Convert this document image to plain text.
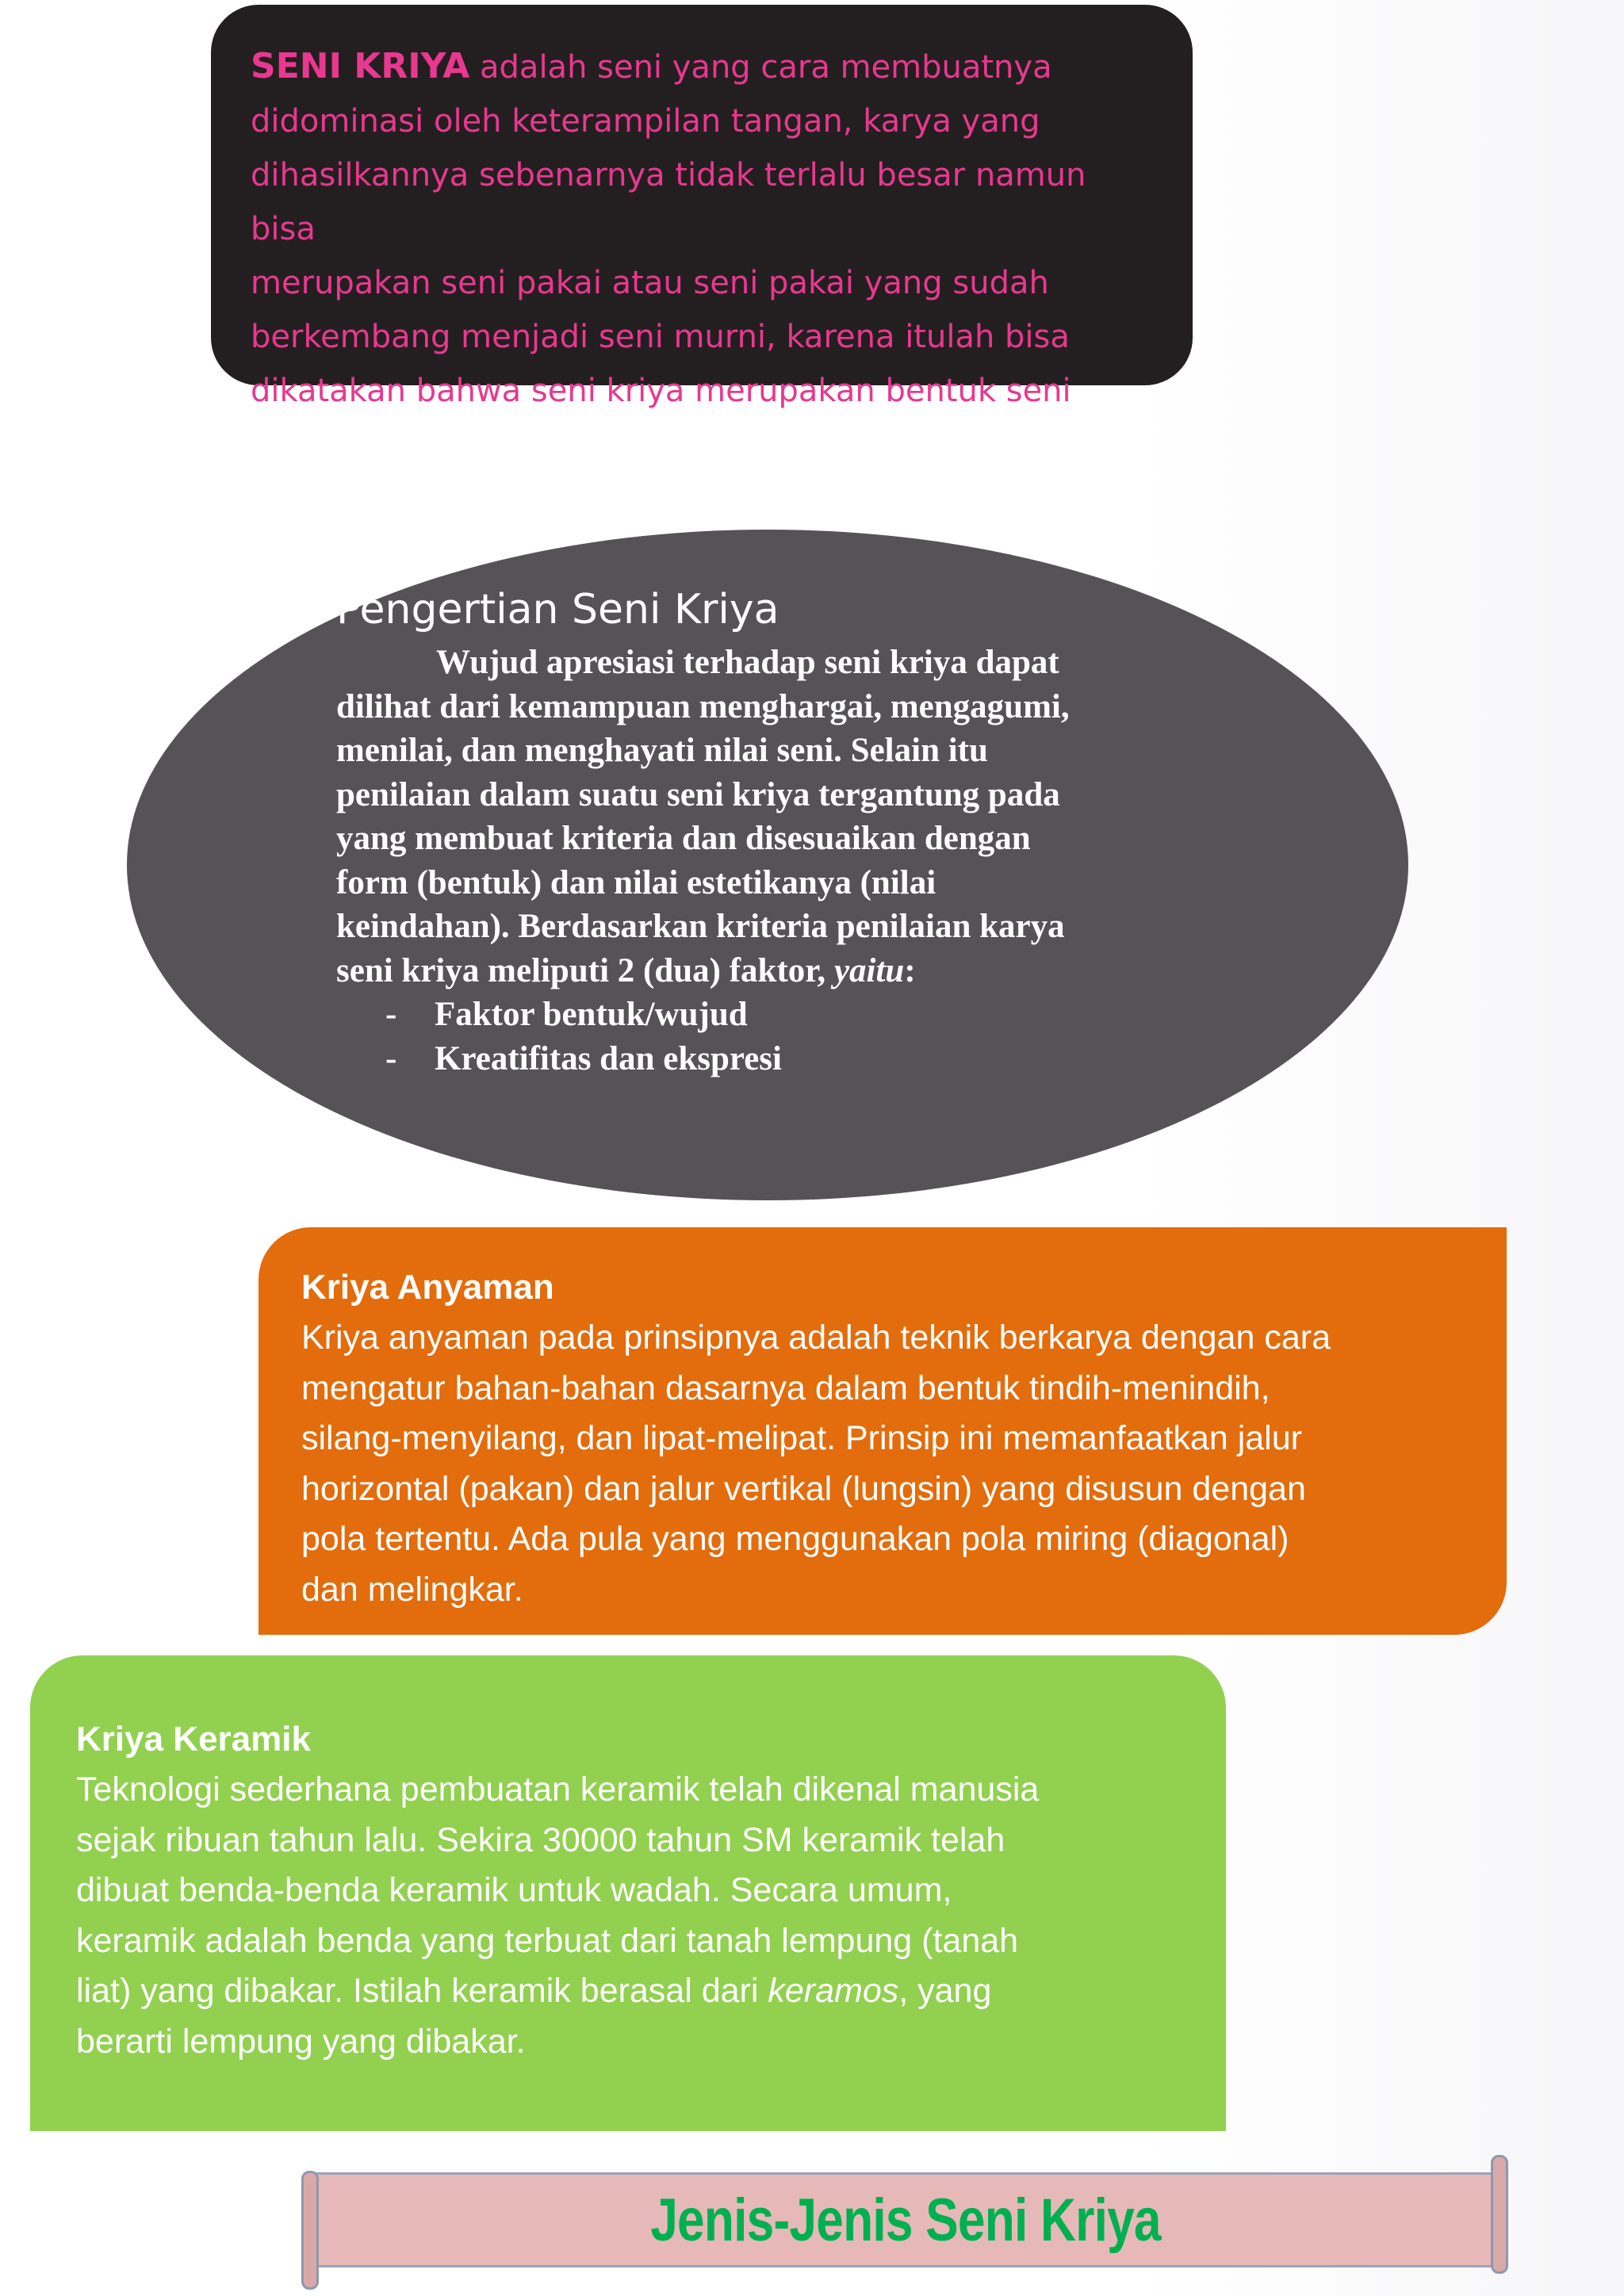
SENI KRIYA adalah seni yang cara membuatnya

didominasi oleh keterampilan tangan, karya yang

dihasilkannya sebenarnya tidak terlalu besar namun bisa

merupakan seni pakai atau seni pakai yang sudah

berkembang menjadi seni murni, karena itulah bisa

dikatakan bahwa seni kriya merupakan bentuk seni

Pengertian Seni Kriya

Wujud apresiasi terhadap seni kriya dapat

dilihat dari kemampuan menghargai, mengagumi,

menilai, dan menghayati nilai seni. Selain itu

penilaian dalam suatu seni kriya tergantung pada

yang membuat kriteria dan disesuaikan dengan

form (bentuk) dan nilai estetikanya (nilai

keindahan). Berdasarkan kriteria penilaian karya

seni kriya meliputi 2 (dua) faktor, yaitu:

- Faktor bentuk/wujud

- Kreatifitas dan ekspresi

Kriya Anyaman

Kriya anyaman pada prinsipnya adalah teknik berkarya dengan cara

mengatur bahan-bahan dasarnya dalam bentuk tindih-menindih,

silang-menyilang, dan lipat-melipat. Prinsip ini memanfaatkan jalur

horizontal (pakan) dan jalur vertikal (lungsin) yang disusun dengan

pola tertentu. Ada pula yang menggunakan pola miring (diagonal)

dan melingkar.

Kriya Keramik

Teknologi sederhana pembuatan keramik telah dikenal manusia

sejak ribuan tahun lalu. Sekira 30000 tahun SM keramik telah

dibuat benda-benda keramik untuk wadah. Secara umum,

keramik adalah benda yang terbuat dari tanah lempung (tanah

liat) yang dibakar. Istilah keramik berasal dari keramos, yang

berarti lempung yang dibakar.

Jenis-Jenis Seni Kriya
